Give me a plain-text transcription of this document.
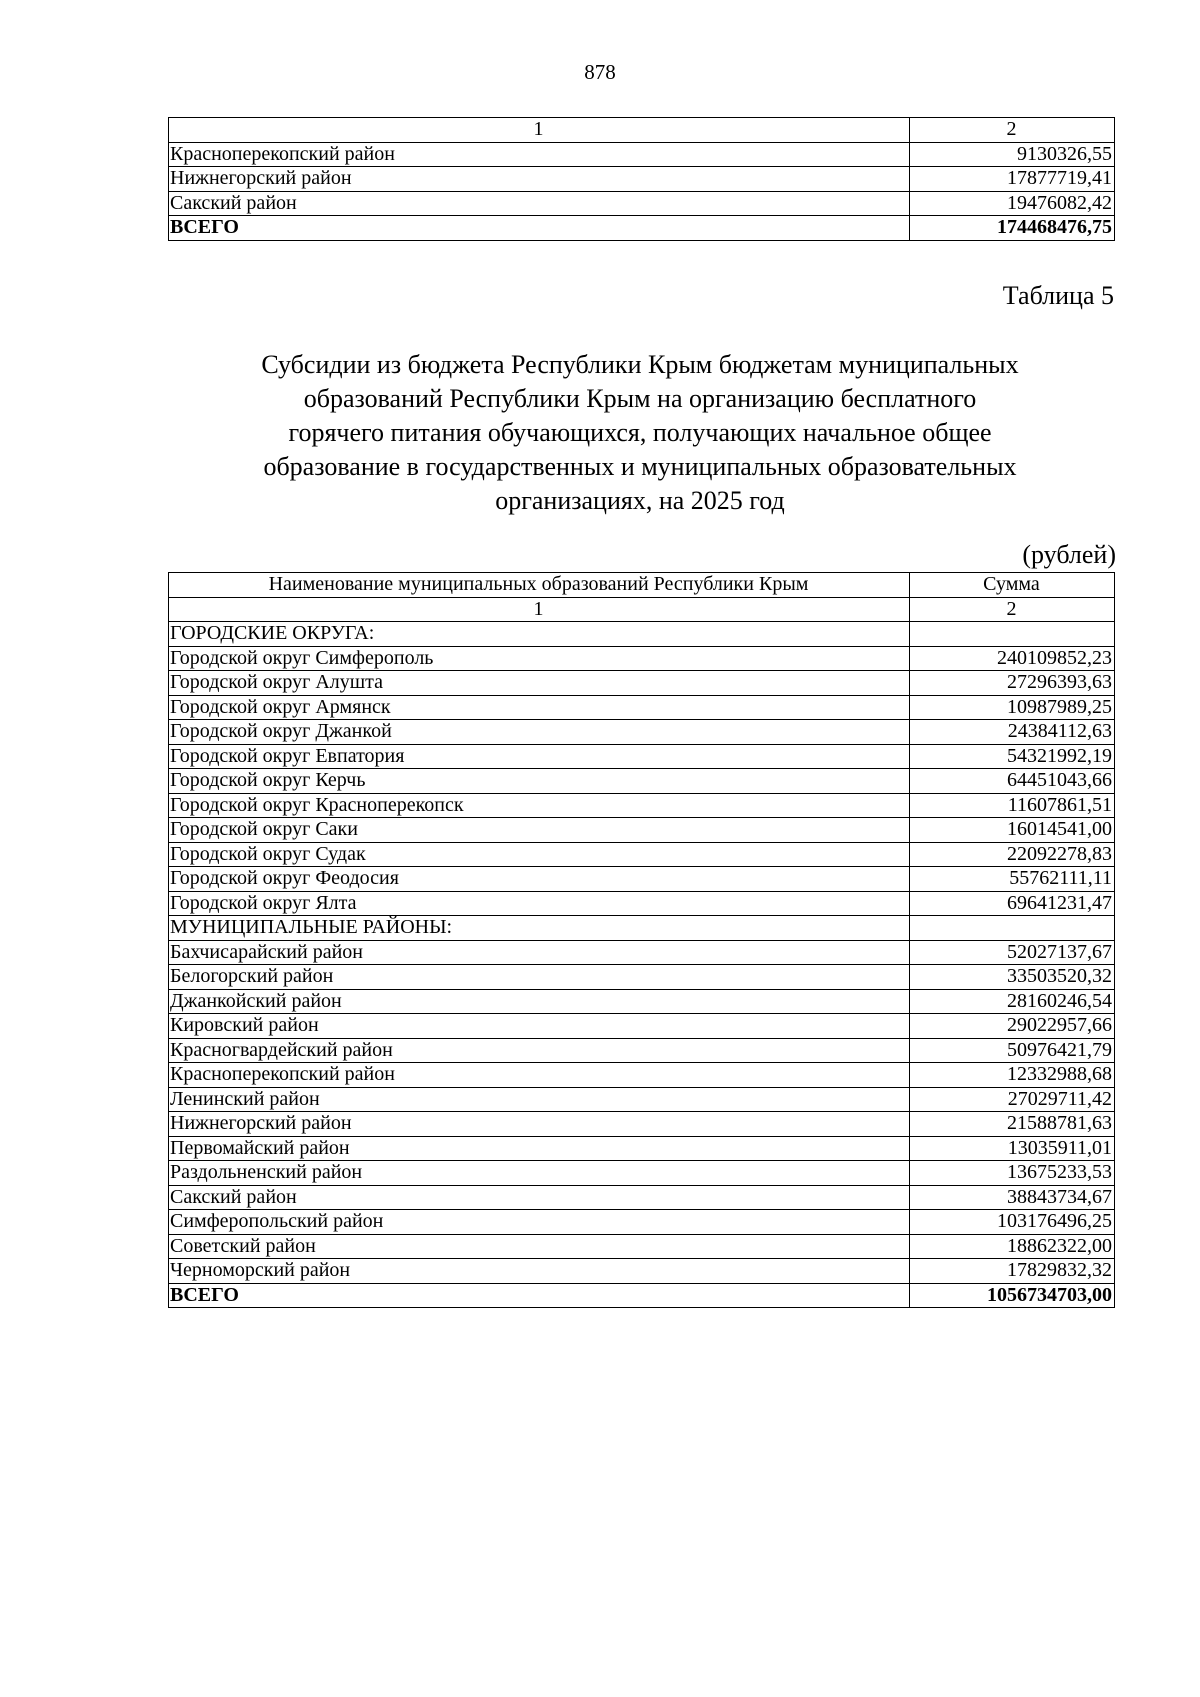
878
1	2
Красноперекопский район	9130326,55
Нижнегорский район	17877719,41
Сакский район	19476082,42
ВСЕГО	174468476,75
Таблица 5
Субсидии из бюджета Республики Крым бюджетам муниципальных
образований Республики Крым на организацию бесплатного
горячего питания обучающихся, получающих начальное общее
образование в государственных и муниципальных образовательных
организациях, на 2025 год
(рублей)
Наименование муниципальных образований Республики Крым	Сумма
1	2
ГОРОДСКИЕ ОКРУГА:	
Городской округ Симферополь	240109852,23
Городской округ Алушта	27296393,63
Городской округ Армянск	10987989,25
Городской округ Джанкой	24384112,63
Городской округ Евпатория	54321992,19
Городской округ Керчь	64451043,66
Городской округ Красноперекопск	11607861,51
Городской округ Саки	16014541,00
Городской округ Судак	22092278,83
Городской округ Феодосия	55762111,11
Городской округ Ялта	69641231,47
МУНИЦИПАЛЬНЫЕ РАЙОНЫ:	
Бахчисарайский район	52027137,67
Белогорский район	33503520,32
Джанкойский район	28160246,54
Кировский район	29022957,66
Красногвардейский район	50976421,79
Красноперекопский район	12332988,68
Ленинский район	27029711,42
Нижнегорский район	21588781,63
Первомайский район	13035911,01
Раздольненский район	13675233,53
Сакский район	38843734,67
Симферопольский район	103176496,25
Советский район	18862322,00
Черноморский район	17829832,32
ВСЕГО	1056734703,00
